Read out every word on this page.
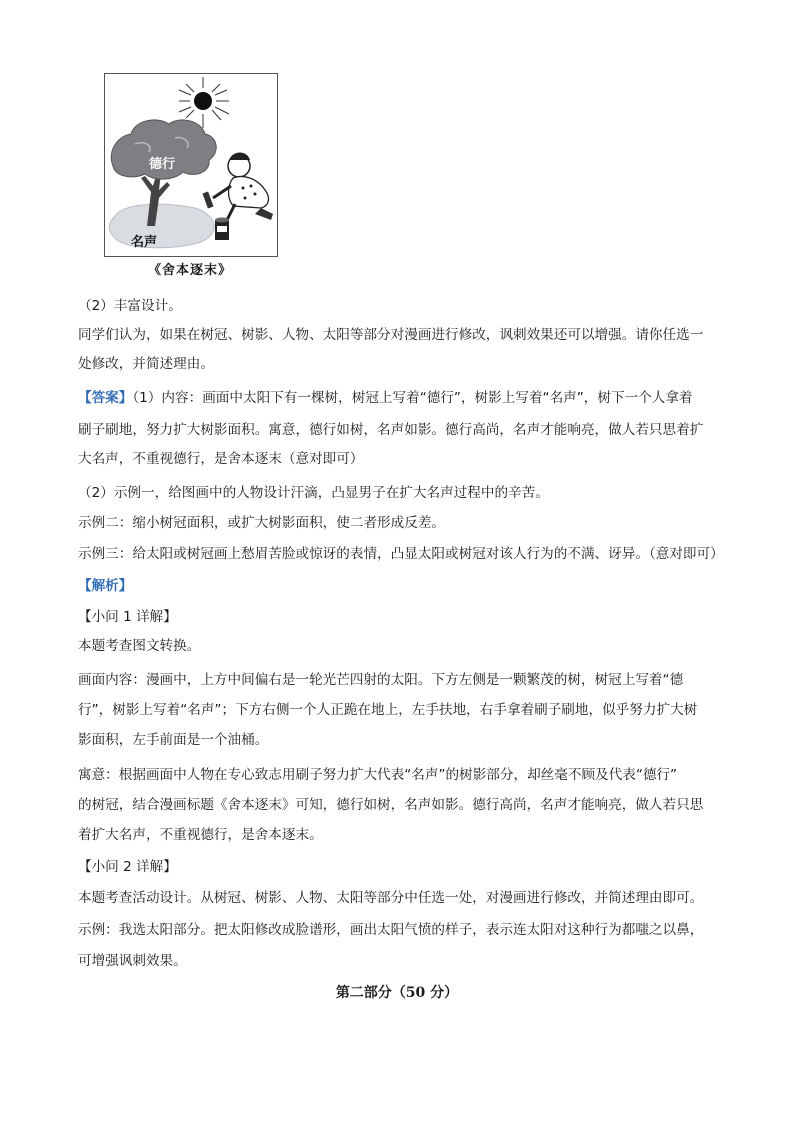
德行
名声
《舍本逐末》
（2）丰富设计。
同学们认为，如果在树冠、树影、人物、太阳等部分对漫画进行修改，讽刺效果还可以增强。请你任选一
处修改，并简述理由。
【答案】（1）内容：画面中太阳下有一棵树，树冠上写着“德行”，树影上写着“名声”，树下一个人拿着
刷子刷地，努力扩大树影面积。寓意，德行如树，名声如影。德行高尚，名声才能响亮，做人若只思着扩
大名声，不重视德行，是舍本逐末（意对即可）
（2）示例一，给图画中的人物设计汗滴，凸显男子在扩大名声过程中的辛苦。
示例二：缩小树冠面积，或扩大树影面积，使二者形成反差。
示例三：给太阳或树冠画上愁眉苦脸或惊讶的表情，凸显太阳或树冠对该人行为的不满、讶异。（意对即可）
【解析】
【小问 1 详解】
本题考查图文转换。
画面内容：漫画中，上方中间偏右是一轮光芒四射的太阳。下方左侧是一颗繁茂的树，树冠上写着“德
行”，树影上写着“名声”；下方右侧一个人正跪在地上，左手扶地，右手拿着刷子刷地，似乎努力扩大树
影面积，左手前面是一个油桶。
寓意：根据画面中人物在专心致志用刷子努力扩大代表“名声”的树影部分，却丝毫不顾及代表“德行”
的树冠，结合漫画标题《舍本逐末》可知，德行如树，名声如影。德行高尚，名声才能响亮，做人若只思
着扩大名声，不重视德行，是舍本逐末。
【小问 2 详解】
本题考查活动设计。从树冠、树影、人物、太阳等部分中任选一处，对漫画进行修改，并简述理由即可。
示例：我选太阳部分。把太阳修改成脸谱形，画出太阳气愤的样子，表示连太阳对这种行为都嗤之以鼻，
可增强讽刺效果。
第二部分（50 分）
